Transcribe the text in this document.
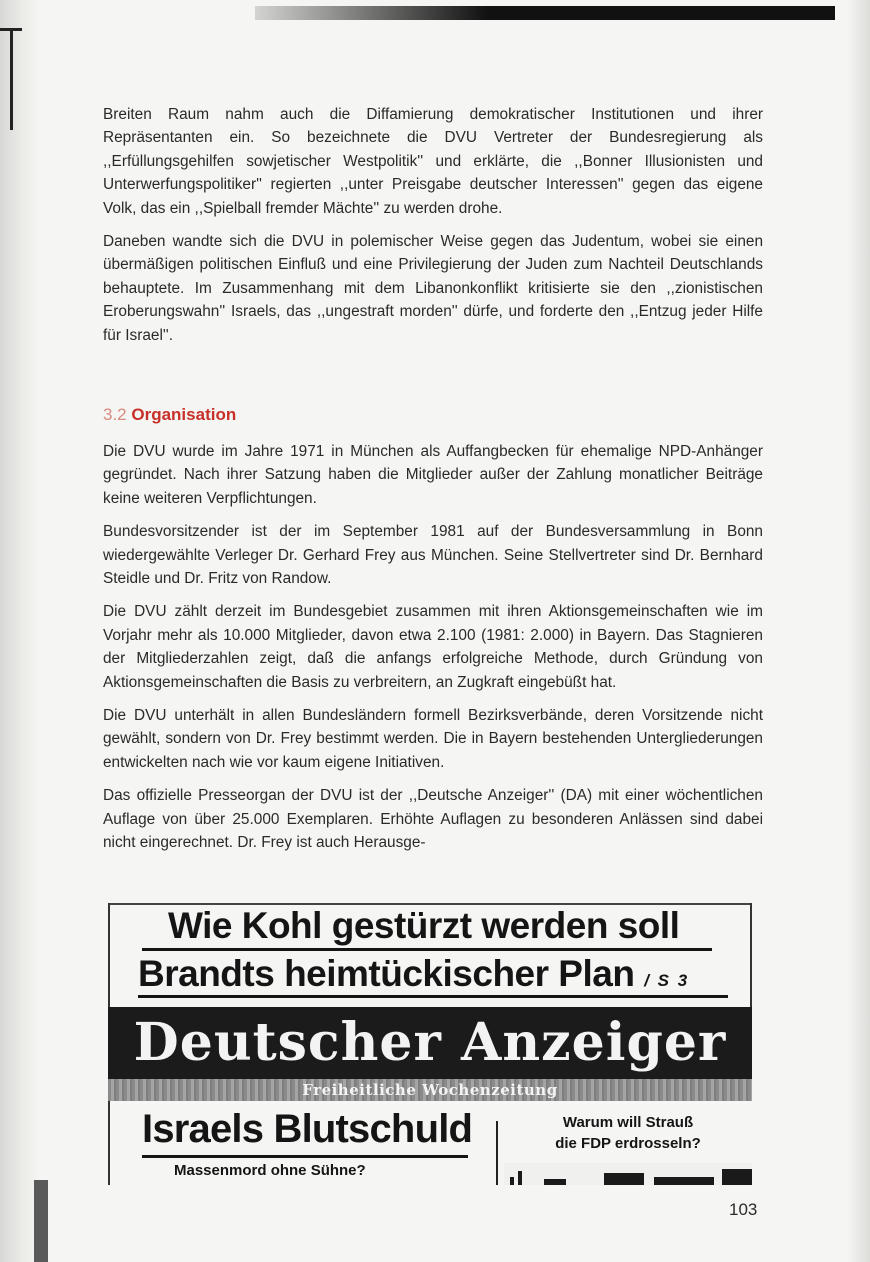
Breiten Raum nahm auch die Diffamierung demokratischer Institutionen und ihrer Repräsentanten ein. So bezeichnete die DVU Vertreter der Bundesregierung als ,,Erfüllungsgehilfen sowjetischer Westpolitik'' und erklärte, die ,,Bonner Illusionisten und Unterwerfungspolitiker'' regierten ,,unter Preisgabe deutscher Interessen'' gegen das eigene Volk, das ein ,,Spielball fremder Mächte'' zu werden drohe.

Daneben wandte sich die DVU in polemischer Weise gegen das Judentum, wobei sie einen übermäßigen politischen Einfluß und eine Privilegierung der Juden zum Nachteil Deutschlands behauptete. Im Zusammenhang mit dem Libanonkonflikt kritisierte sie den ,,zionistischen Eroberungswahn'' Israels, das ,,ungestraft morden'' dürfe, und forderte den ,,Entzug jeder Hilfe für Israel''.

3.2 Organisation

Die DVU wurde im Jahre 1971 in München als Auffangbecken für ehemalige NPD-Anhänger gegründet. Nach ihrer Satzung haben die Mitglieder außer der Zahlung monatlicher Beiträge keine weiteren Verpflichtungen.

Bundesvorsitzender ist der im September 1981 auf der Bundesversammlung in Bonn wiedergewählte Verleger Dr. Gerhard Frey aus München. Seine Stellvertreter sind Dr. Bernhard Steidle und Dr. Fritz von Randow.

Die DVU zählt derzeit im Bundesgebiet zusammen mit ihren Aktionsgemeinschaften wie im Vorjahr mehr als 10.000 Mitglieder, davon etwa 2.100 (1981: 2.000) in Bayern. Das Stagnieren der Mitgliederzahlen zeigt, daß die anfangs erfolgreiche Methode, durch Gründung von Aktionsgemeinschaften die Basis zu verbreitern, an Zugkraft eingebüßt hat.

Die DVU unterhält in allen Bundesländern formell Bezirksverbände, deren Vorsitzende nicht gewählt, sondern von Dr. Frey bestimmt werden. Die in Bayern bestehenden Untergliederungen entwickelten nach wie vor kaum eigene Initiativen.

Das offizielle Presseorgan der DVU ist der ,,Deutsche Anzeiger'' (DA) mit einer wöchentlichen Auflage von über 25.000 Exemplaren. Erhöhte Auflagen zu besonderen Anlässen sind dabei nicht eingerechnet. Dr. Frey ist auch Herausge-

Wie Kohl gestürzt werden soll
Brandts heimtückischer Plan / S 3
Deutscher Anzeiger
Freiheitliche Wochenzeitung
Israels Blutschuld
Massenmord ohne Sühne?
Warum will Strauß
die FDP erdrosseln?
103
